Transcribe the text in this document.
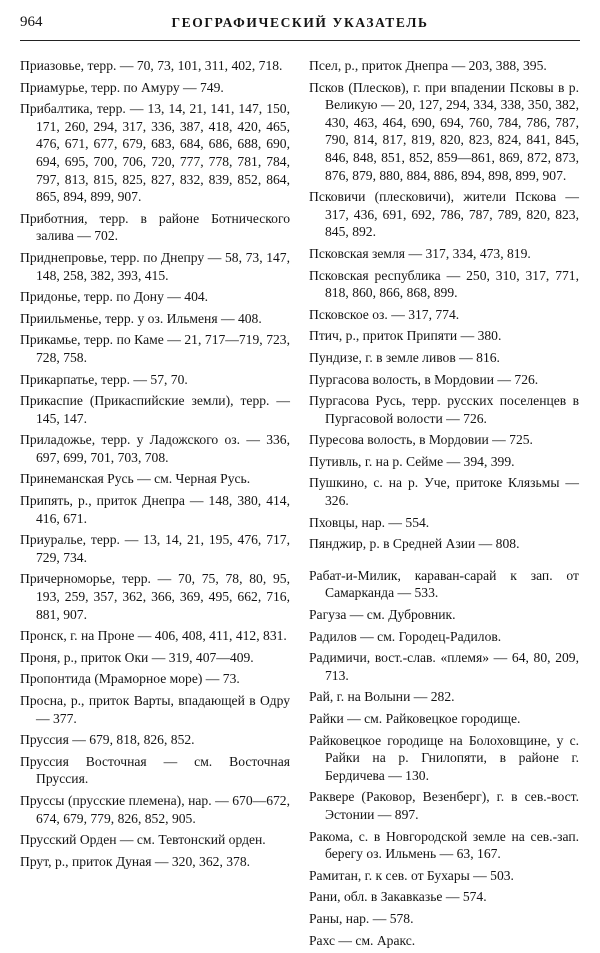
964	ГЕОГРАФИЧЕСКИЙ УКАЗАТЕЛЬ

Приазовье, терр. — 70, 73, 101, 311, 402, 718.

Приамурье, терр. по Амуру — 749.

Прибалтика, терр. — 13, 14, 21, 141, 147, 150, 171, 260, 294, 317, 336, 387, 418, 420, 465, 476, 671, 677, 679, 683, 684, 686, 688, 690, 694, 695, 700, 706, 720, 777, 778, 781, 784, 797, 813, 815, 825, 827, 832, 839, 852, 864, 865, 894, 899, 907.

Приботния, терр. в районе Ботнического залива — 702.

Приднепровье, терр. по Днепру — 58, 73, 147, 148, 258, 382, 393, 415.

Придонье, терр. по Дону — 404.

Приильменье, терр. у оз. Ильменя — 408.

Прикамье, терр. по Каме — 21, 717—719, 723, 728, 758.

Прикарпатье, терр. — 57, 70.

Прикаспие (Прикаспийские земли), терр. — 145, 147.

Приладожье, терр. у Ладожского оз. — 336, 697, 699, 701, 703, 708.

Принеманская Русь — см. Черная Русь.

Припять, р., приток Днепра — 148, 380, 414, 416, 671.

Приуралье, терр. — 13, 14, 21, 195, 476, 717, 729, 734.

Причерноморье, терр. — 70, 75, 78, 80, 95, 193, 259, 357, 362, 366, 369, 495, 662, 716, 881, 907.

Пронск, г. на Проне — 406, 408, 411, 412, 831.

Проня, р., приток Оки — 319, 407—409.

Пропонтида (Мраморное море) — 73.

Просна, р., приток Варты, впадающей в Одру — 377.

Пруссия — 679, 818, 826, 852.

Пруссия Восточная — см. Восточная Пруссия.

Пруссы (прусские племена), нар. — 670—672, 674, 679, 779, 826, 852, 905.

Прусский Орден — см. Тевтонский орден.

Прут, р., приток Дуная — 320, 362, 378.

Псел, р., приток Днепра — 203, 388, 395.

Псков (Плесков), г. при впадении Псковы в р. Великую — 20, 127, 294, 334, 338, 350, 382, 430, 463, 464, 690, 694, 760, 784, 786, 787, 790, 814, 817, 819, 820, 823, 824, 841, 845, 846, 848, 851, 852, 859—861, 869, 872, 873, 876, 879, 880, 884, 886, 894, 898, 899, 907.

Псковичи (плесковичи), жители Пскова — 317, 436, 691, 692, 786, 787, 789, 820, 823, 845, 892.

Псковская земля — 317, 334, 473, 819.

Псковская республика — 250, 310, 317, 771, 818, 860, 866, 868, 899.

Псковское оз. — 317, 774.

Птич, р., приток Припяти — 380.

Пундизе, г. в земле ливов — 816.

Пургасова волость, в Мордовии — 726.

Пургасова Русь, терр. русских поселенцев в Пургасовой волости — 726.

Пуресова волость, в Мордовии — 725.

Путивль, г. на р. Сейме — 394, 399.

Пушкино, с. на р. Уче, притоке Клязьмы — 326.

Пховцы, нар. — 554.

Пянджир, р. в Средней Азии — 808.

Рабат-и-Милик, караван-сарай к зап. от Самарканда — 533.

Рагуза — см. Дубровник.

Радилов — см. Городец-Радилов.

Радимичи, вост.-слав. «племя» — 64, 80, 209, 713.

Рай, г. на Волыни — 282.

Райки — см. Райковецкое городище.

Райковецкое городище на Болоховщине, у с. Райки на р. Гнилопяти, в районе г. Бердичева — 130.

Раквере (Раковор, Везенберг), г. в сев.-вост. Эстонии — 897.

Ракома, с. в Новгородской земле на сев.-зап. берегу оз. Ильмень — 63, 167.

Рамитан, г. к сев. от Бухары — 503.

Рани, обл. в Закавказье — 574.

Раны, нар. — 578.

Рахс — см. Аракс.
